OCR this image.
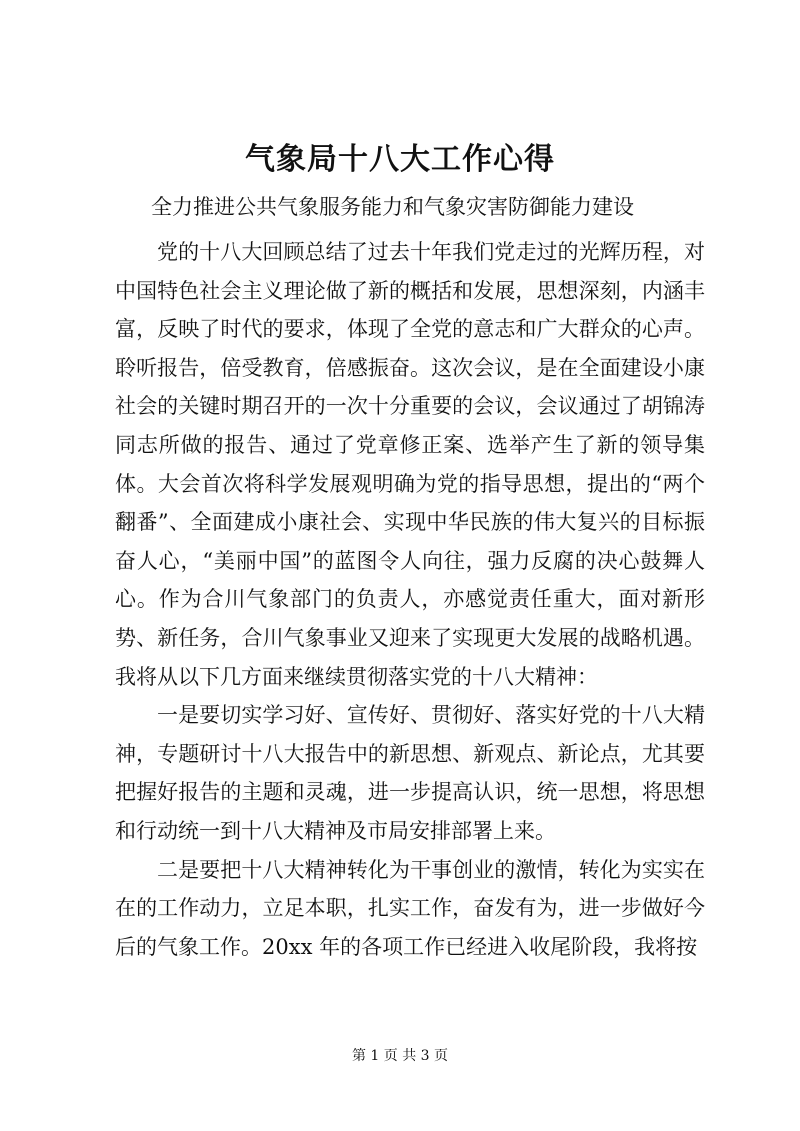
气象局十八大工作心得
全力推进公共气象服务能力和气象灾害防御能力建设

党的十八大回顾总结了过去十年我们党走过的光辉历程，对中国特色社会主义理论做了新的概括和发展，思想深刻，内涵丰富，反映了时代的要求，体现了全党的意志和广大群众的心声。聆听报告，倍受教育，倍感振奋。这次会议，是在全面建设小康社会的关键时期召开的一次十分重要的会议，会议通过了胡锦涛同志所做的报告、通过了党章修正案、选举产生了新的领导集体。大会首次将科学发展观明确为党的指导思想，提出的“两个翻番”、全面建成小康社会、实现中华民族的伟大复兴的目标振奋人心，“美丽中国”的蓝图令人向往，强力反腐的决心鼓舞人心。作为合川气象部门的负责人，亦感觉责任重大，面对新形势、新任务，合川气象事业又迎来了实现更大发展的战略机遇。我将从以下几方面来继续贯彻落实党的十八大精神：

一是要切实学习好、宣传好、贯彻好、落实好党的十八大精神，专题研讨十八大报告中的新思想、新观点、新论点，尤其要把握好报告的主题和灵魂，进一步提高认识，统一思想，将思想和行动统一到十八大精神及市局安排部署上来。

二是要把十八大精神转化为干事创业的激情，转化为实实在在的工作动力，立足本职，扎实工作，奋发有为，进一步做好今后的气象工作。20xx 年的各项工作已经进入收尾阶段，我将按

第 1 页 共 3 页
